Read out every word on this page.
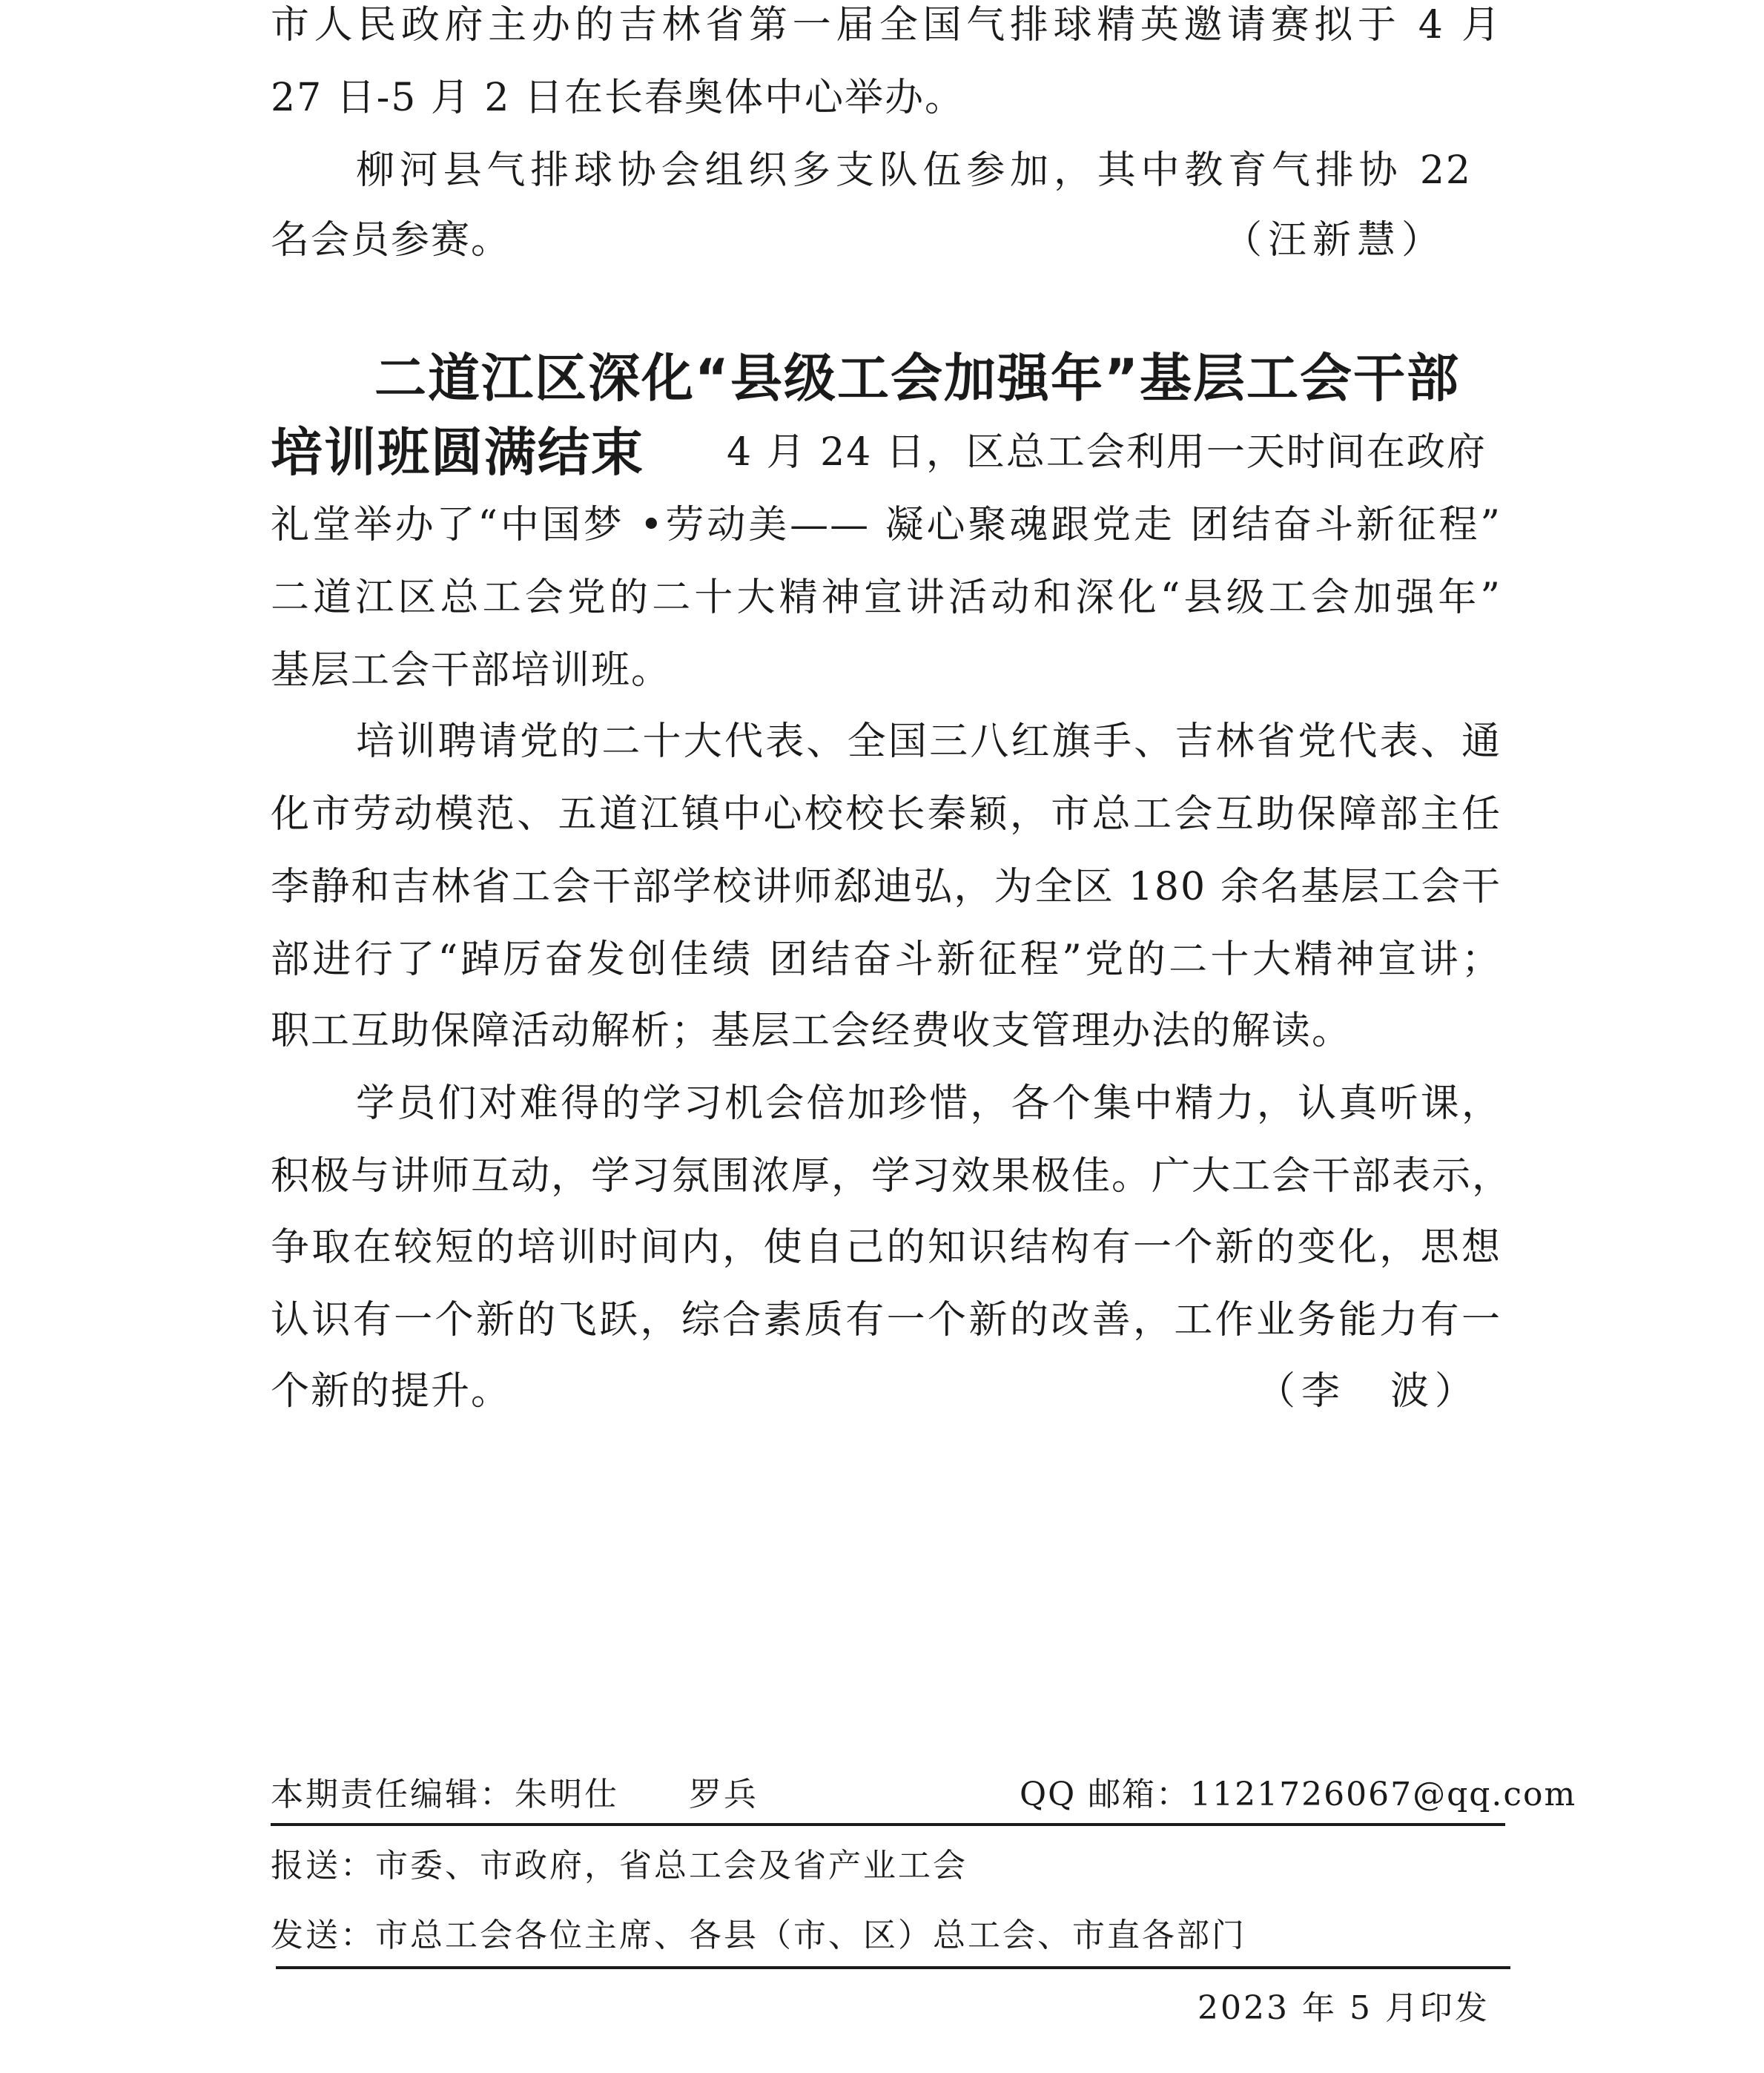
市人民政府主办的吉林省第一届全国气排球精英邀请赛拟于 4 月
27 日-5 月 2 日在长春奥体中心举办。
柳河县气排球协会组织多支队伍参加，其中教育气排协 22
名会员参赛。	（汪新慧）
二道江区深化“县级工会加强年”基层工会干部
培训班圆满结束 4 月 24 日，区总工会利用一天时间在政府
礼堂举办了“中国梦 •劳动美—— 凝心聚魂跟党走 团结奋斗新征程”
二道江区总工会党的二十大精神宣讲活动和深化“县级工会加强年”
基层工会干部培训班。
培训聘请党的二十大代表、全国三八红旗手、吉林省党代表、通
化市劳动模范、五道江镇中心校校长秦颖，市总工会互助保障部主任
李静和吉林省工会干部学校讲师郄迪弘，为全区 180 余名基层工会干
部进行了“踔厉奋发创佳绩 团结奋斗新征程”党的二十大精神宣讲；
职工互助保障活动解析；基层工会经费收支管理办法的解读。
学员们对难得的学习机会倍加珍惜，各个集中精力，认真听课，
积极与讲师互动，学习氛围浓厚，学习效果极佳。广大工会干部表示，
争取在较短的培训时间内，使自己的知识结构有一个新的变化，思想
认识有一个新的飞跃，综合素质有一个新的改善，工作业务能力有一
个新的提升。	（李　波）
本期责任编辑：朱明仕　　罗兵	QQ 邮箱：1121726067@qq.com
报送：市委、市政府，省总工会及省产业工会
发送：市总工会各位主席、各县（市、区）总工会、市直各部门
2023 年 5 月印发
